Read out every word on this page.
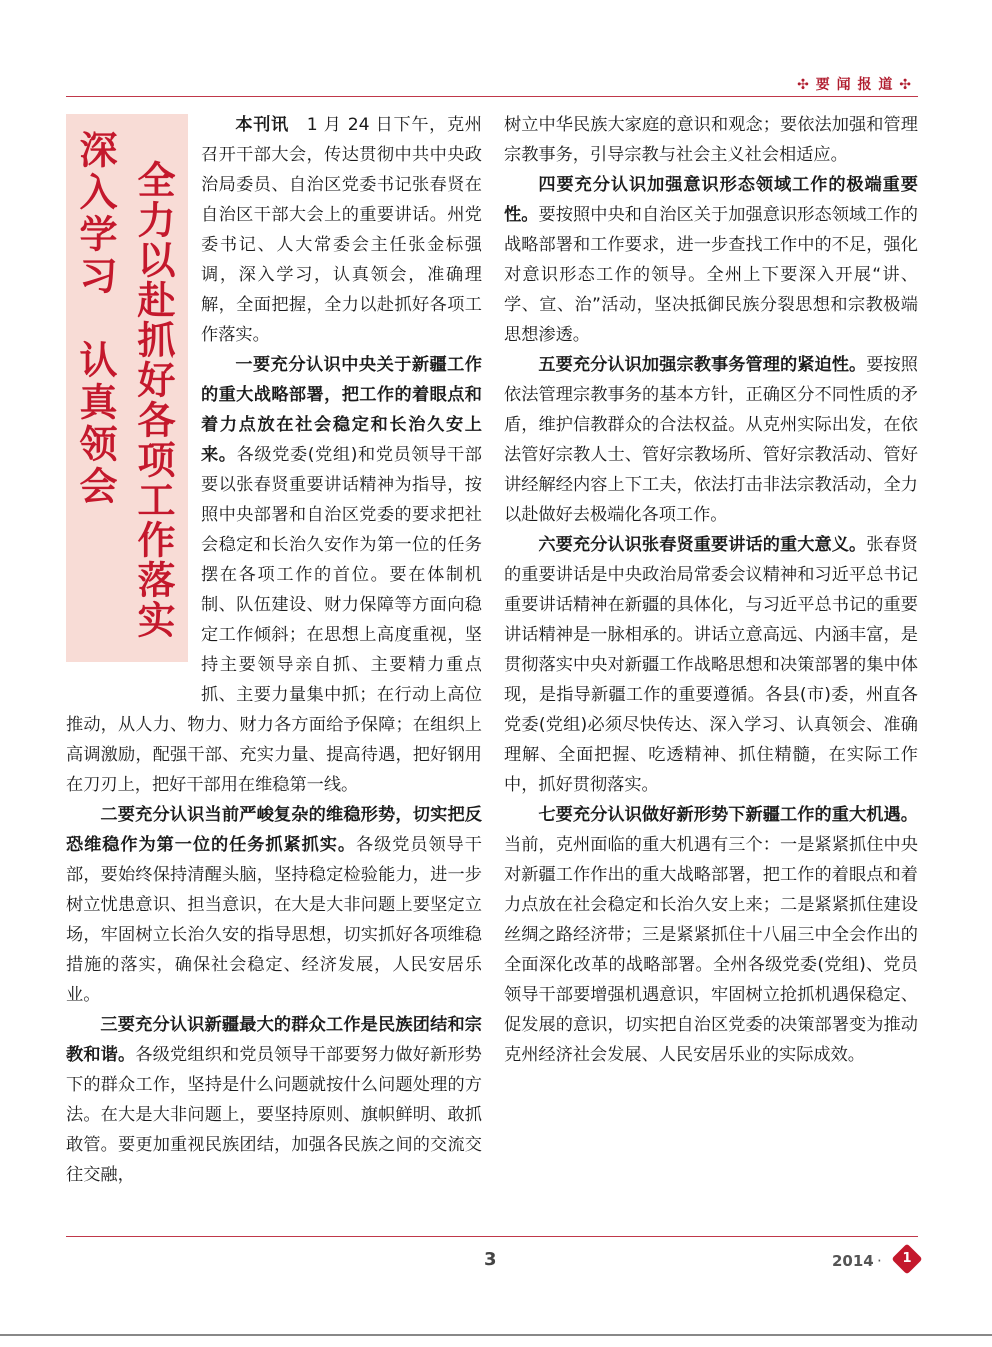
✣ 要 闻 报 道 ✣
深入学习　认真领会 全力以赴抓好各项工作落实

本刊讯　1 月 24 日下午，克州召开干部大会，传达贯彻中共中央政治局委员、自治区党委书记张春贤在自治区干部大会上的重要讲话。州党委书记、人大常委会主任张金标强调，深入学习，认真领会，准确理解，全面把握，全力以赴抓好各项工作落实。

一要充分认识中央关于新疆工作的重大战略部署，把工作的着眼点和着力点放在社会稳定和长治久安上来。各级党委(党组)和党员领导干部要以张春贤重要讲话精神为指导，按照中央部署和自治区党委的要求把社会稳定和长治久安作为第一位的任务摆在各项工作的首位。要在体制机制、队伍建设、财力保障等方面向稳定工作倾斜；在思想上高度重视，坚持主要领导亲自抓、主要精力重点抓、主要力量集中抓；在行动上高位推动，从人力、物力、财力各方面给予保障；在组织上高调激励，配强干部、充实力量、提高待遇，把好钢用在刀刃上，把好干部用在维稳第一线。

二要充分认识当前严峻复杂的维稳形势，切实把反恐维稳作为第一位的任务抓紧抓实。各级党员领导干部，要始终保持清醒头脑，坚持稳定检验能力，进一步树立忧患意识、担当意识，在大是大非问题上要坚定立场，牢固树立长治久安的指导思想，切实抓好各项维稳措施的落实，确保社会稳定、经济发展，人民安居乐业。

三要充分认识新疆最大的群众工作是民族团结和宗教和谐。各级党组织和党员领导干部要努力做好新形势下的群众工作，坚持是什么问题就按什么问题处理的方法。在大是大非问题上，要坚持原则、旗帜鲜明、敢抓敢管。要更加重视民族团结，加强各民族之间的交流交往交融，

树立中华民族大家庭的意识和观念；要依法加强和管理宗教事务，引导宗教与社会主义社会相适应。

四要充分认识加强意识形态领域工作的极端重要性。要按照中央和自治区关于加强意识形态领域工作的战略部署和工作要求，进一步查找工作中的不足，强化对意识形态工作的领导。全州上下要深入开展“讲、学、宣、治”活动，坚决抵御民族分裂思想和宗教极端思想渗透。

五要充分认识加强宗教事务管理的紧迫性。要按照依法管理宗教事务的基本方针，正确区分不同性质的矛盾，维护信教群众的合法权益。从克州实际出发，在依法管好宗教人士、管好宗教场所、管好宗教活动、管好讲经解经内容上下工夫，依法打击非法宗教活动，全力以赴做好去极端化各项工作。

六要充分认识张春贤重要讲话的重大意义。张春贤的重要讲话是中央政治局常委会议精神和习近平总书记重要讲话精神在新疆的具体化，与习近平总书记的重要讲话精神是一脉相承的。讲话立意高远、内涵丰富，是贯彻落实中央对新疆工作战略思想和决策部署的集中体现，是指导新疆工作的重要遵循。各县(市)委，州直各党委(党组)必须尽快传达、深入学习、认真领会、准确理解、全面把握、吃透精神、抓住精髓，在实际工作中，抓好贯彻落实。

七要充分认识做好新形势下新疆工作的重大机遇。当前，克州面临的重大机遇有三个：一是紧紧抓住中央对新疆工作作出的重大战略部署，把工作的着眼点和着力点放在社会稳定和长治久安上来；二是紧紧抓住建设丝绸之路经济带；三是紧紧抓住十八届三中全会作出的全面深化改革的战略部署。全州各级党委(党组)、党员领导干部要增强机遇意识，牢固树立抢抓机遇保稳定、促发展的意识，切实把自治区党委的决策部署变为推动克州经济社会发展、人民安居乐业的实际成效。

3	2014 ·	1
